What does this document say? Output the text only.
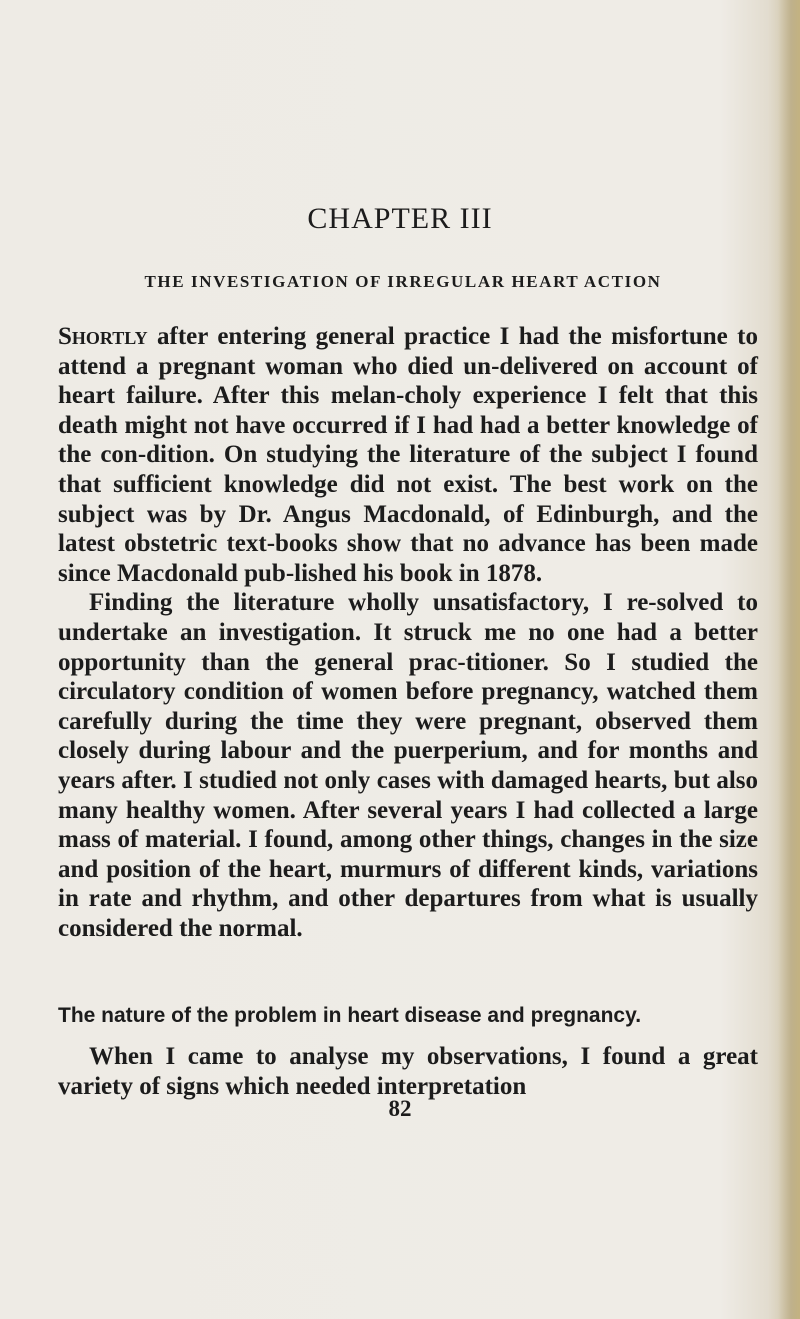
CHAPTER III
THE INVESTIGATION OF IRREGULAR HEART ACTION

Shortly after entering general practice I had the misfortune to attend a pregnant woman who died un-delivered on account of heart failure. After this melan-choly experience I felt that this death might not have occurred if I had had a better knowledge of the con-dition. On studying the literature of the subject I found that sufficient knowledge did not exist. The best work on the subject was by Dr. Angus Macdonald, of Edinburgh, and the latest obstetric text-books show that no advance has been made since Macdonald pub-lished his book in 1878.

Finding the literature wholly unsatisfactory, I re-solved to undertake an investigation. It struck me no one had a better opportunity than the general prac-titioner. So I studied the circulatory condition of women before pregnancy, watched them carefully during the time they were pregnant, observed them closely during labour and the puerperium, and for months and years after. I studied not only cases with damaged hearts, but also many healthy women. After several years I had collected a large mass of material. I found, among other things, changes in the size and position of the heart, murmurs of different kinds, variations in rate and rhythm, and other departures from what is usually considered the normal.

The nature of the problem in heart disease and pregnancy.

When I came to analyse my observations, I found a great variety of signs which needed interpretation

82
